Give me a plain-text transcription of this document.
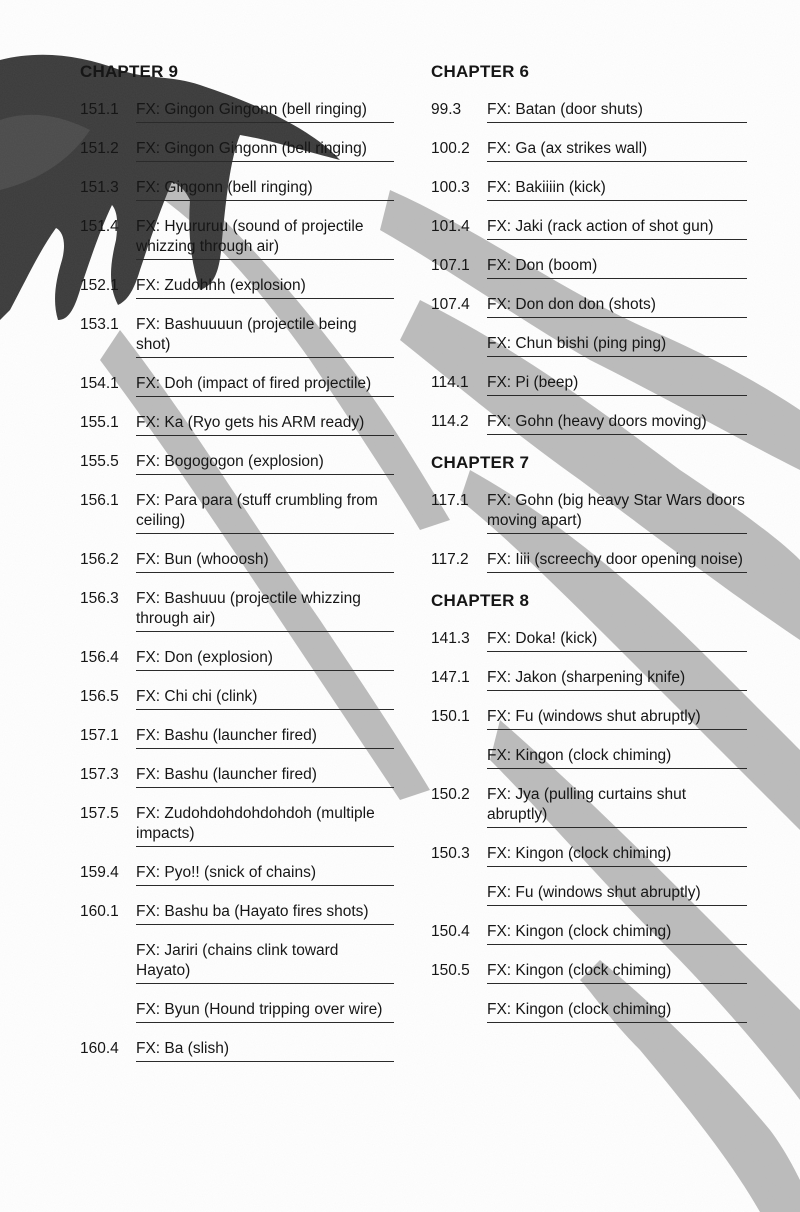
CHAPTER 9
151.1	FX: Gingon Gingonn (bell ringing)
151.2	FX: Gingon Gingonn (bell ringing)
151.3	FX: Gingonn (bell ringing)
151.4	FX: Hyururuu (sound of projectile whizzing through air)
152.1	FX: Zudohhh (explosion)
153.1	FX: Bashuuuun (projectile being shot)
154.1	FX: Doh (impact of fired projectile)
155.1	FX: Ka (Ryo gets his ARM ready)
155.5	FX: Bogogogon (explosion)
156.1	FX: Para para (stuff crumbling from ceiling)
156.2	FX: Bun (whooosh)
156.3	FX: Bashuuu (projectile whizzing through air)
156.4	FX: Don (explosion)
156.5	FX: Chi chi (clink)
157.1	FX: Bashu (launcher fired)
157.3	FX: Bashu (launcher fired)
157.5	FX: Zudohdohdohdohdoh (multiple impacts)
159.4	FX: Pyo!! (snick of chains)
160.1	FX: Bashu ba (Hayato fires shots)
FX: Jariri (chains clink toward Hayato)
FX: Byun (Hound tripping over wire)
160.4	FX: Ba (slish)
CHAPTER 6
99.3	FX: Batan (door shuts)
100.2	FX: Ga (ax strikes wall)
100.3	FX: Bakiiiin (kick)
101.4	FX: Jaki (rack action of shot gun)
107.1	FX: Don (boom)
107.4	FX: Don don don (shots)
FX: Chun bishi (ping ping)
114.1	FX: Pi (beep)
114.2	FX: Gohn (heavy doors moving)
CHAPTER 7
117.1	FX: Gohn (big heavy Star Wars doors moving apart)
117.2	FX: Iiii (screechy door opening noise)
CHAPTER 8
141.3	FX: Doka! (kick)
147.1	FX: Jakon (sharpening knife)
150.1	FX: Fu (windows shut abruptly)
FX: Kingon (clock chiming)
150.2	FX: Jya (pulling curtains shut abruptly)
150.3	FX: Kingon (clock chiming)
FX: Fu (windows shut abruptly)
150.4	FX: Kingon (clock chiming)
150.5	FX: Kingon (clock chiming)
FX: Kingon (clock chiming)
